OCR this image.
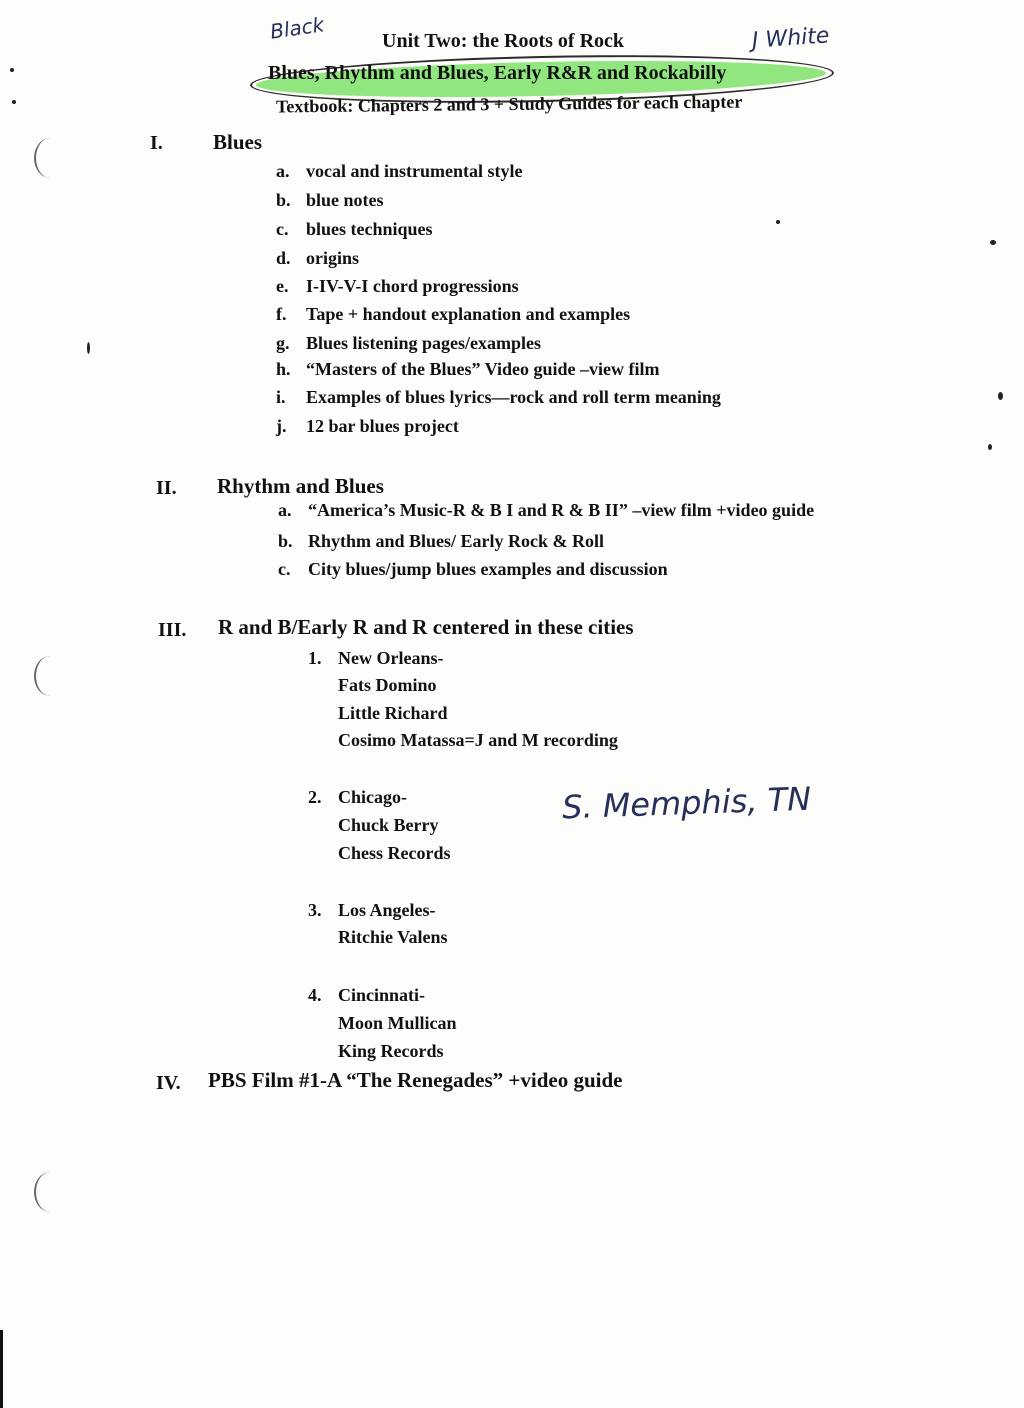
Black	J White
S. Memphis, TN
Unit Two: the Roots of Rock
Blues, Rhythm and Blues, Early R&R and Rockabilly
Textbook: Chapters 2 and 3 + Study Guides for each chapter
I. Blues
a. vocal and instrumental style
b. blue notes
c. blues techniques
d. origins
e. I-IV-V-I chord progressions
f. Tape + handout explanation and examples
g. Blues listening pages/examples
h. “Masters of the Blues” Video guide –view film
i. Examples of blues lyrics—rock and roll term meaning
j. 12 bar blues project
II. Rhythm and Blues
a. “America’s Music-R & B I and R & B II” –view film +video guide
b. Rhythm and Blues/ Early Rock & Roll
c. City blues/jump blues examples and discussion
III. R and B/Early R and R centered in these cities
1. New Orleans-
Fats Domino
Little Richard
Cosimo Matassa=J and M recording
2. Chicago-
Chuck Berry
Chess Records
3. Los Angeles-
Ritchie Valens
4. Cincinnati-
Moon Mullican
King Records
IV. PBS Film #1-A “The Renegades” +video guide
